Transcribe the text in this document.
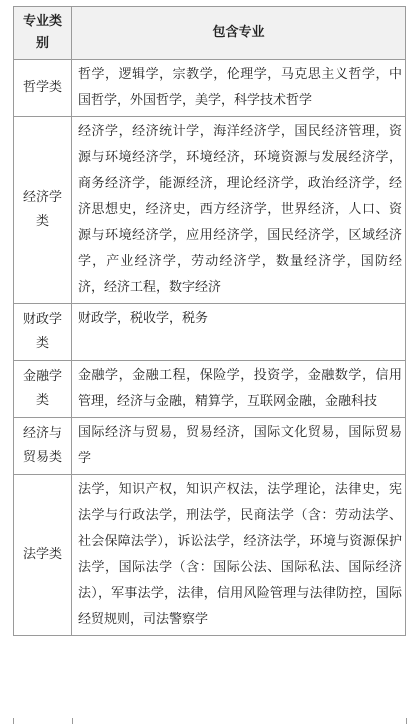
专业类别	包含专业
哲学类	哲学，逻辑学，宗教学，伦理学，马克思主义哲学，中国哲学，外国哲学，美学，科学技术哲学
经济学类	经济学，经济统计学，海洋经济学，国民经济管理，资源与环境经济学，环境经济，环境资源与发展经济学，商务经济学，能源经济，理论经济学，政治经济学，经济思想史，经济史，西方经济学，世界经济，人口、资源与环境经济学，应用经济学，国民经济学，区域经济学，产业经济学，劳动经济学，数量经济学，国防经济，经济工程，数字经济
财政学类	财政学，税收学，税务
金融学类	金融学，金融工程，保险学，投资学，金融数学，信用管理，经济与金融，精算学，互联网金融，金融科技
经济与贸易类	国际经济与贸易，贸易经济，国际文化贸易，国际贸易学
法学类	法学，知识产权，知识产权法，法学理论，法律史，宪法学与行政法学，刑法学，民商法学（含：劳动法学、社会保障法学），诉讼法学，经济法学，环境与资源保护法学，国际法学（含：国际公法、国际私法、国际经济法），军事法学，法律，信用风险管理与法律防控，国际经贸规则，司法警察学
